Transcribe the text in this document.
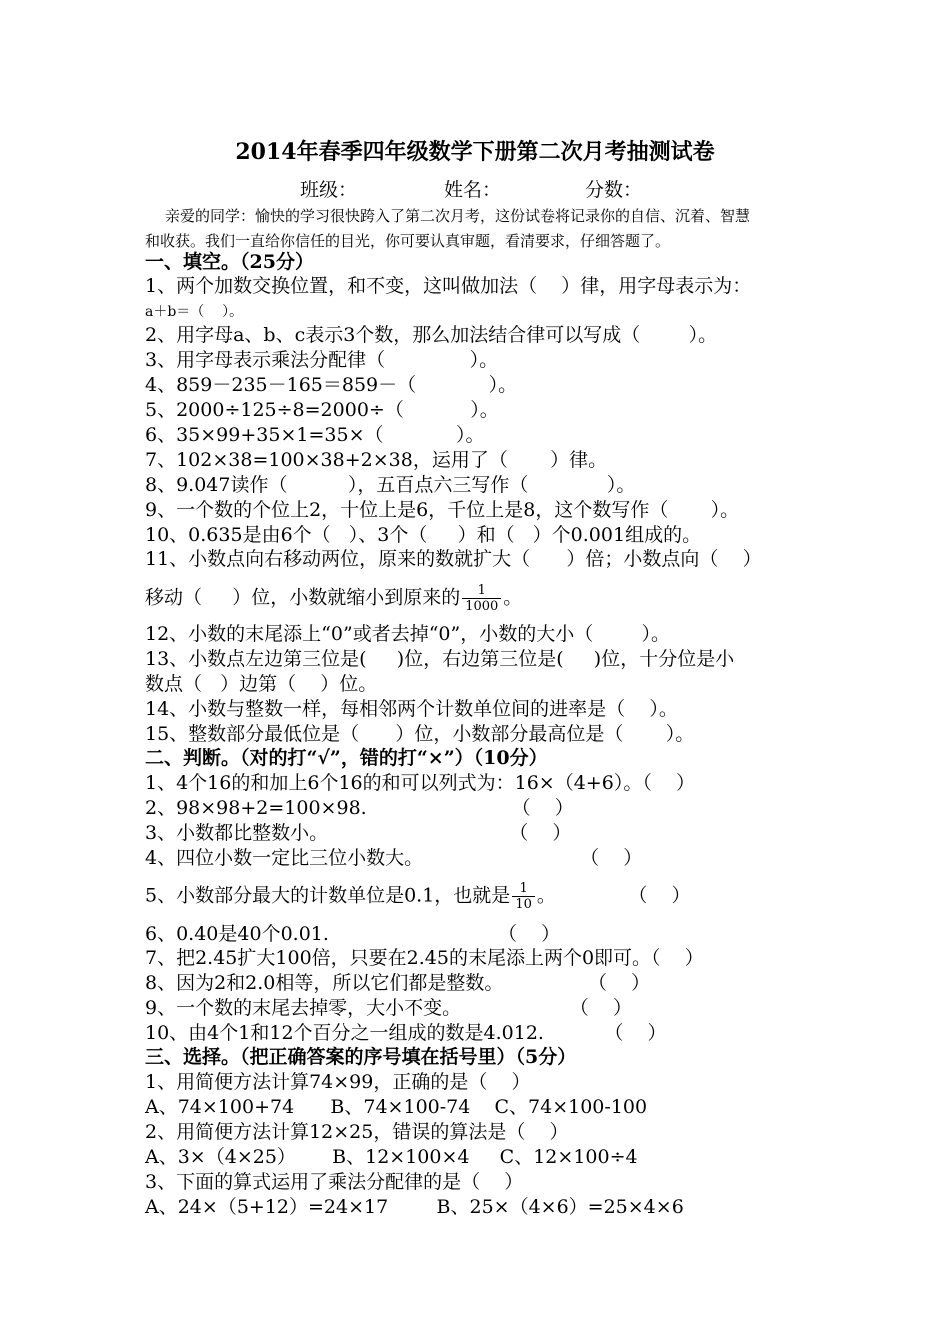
2014年春季四年级数学下册第二次月考抽测试卷
班级：	姓名：	分数：
亲爱的同学：愉快的学习很快跨入了第二次月考，这份试卷将记录你的自信、沉着、智慧
和收获。我们一直给你信任的目光，你可要认真审题，看清要求，仔细答题了。
一、填空。（25分）
1、两个加数交换位置，和不变，这叫做加法（    ）律，用字母表示为：
a＋b＝（    ）。
2、用字母a、b、c表示3个数，那么加法结合律可以写成（        ）。
3、用字母表示乘法分配律（              ）。
4、859－235－165＝859－（            ）。
5、2000÷125÷8=2000÷（           ）。
6、35×99+35×1=35×（            ）。
7、102×38=100×38+2×38，运用了（       ）律。
8、9.047读作（          ），五百点六三写作（             ）。
9、一个数的个位上2，十位上是6，千位上是8，这个数写作（       ）。
10、0.635是由6个（   ）、3个（     ）和（   ）个0.001组成的。
11、小数点向右移动两位，原来的数就扩大（      ）倍；小数点向（    ）
移动（     ）位，小数就缩小到原来的 $\frac{1}{1000}$ 。
12、小数的末尾添上“0”或者去掉“0”，小数的大小（        ）。
13、小数点左边第三位是(     )位，右边第三位是(     )位，十分位是小
数点（   ）边第（    ）位。
14、小数与整数一样，每相邻两个计数单位间的进率是（    ）。
15、整数部分最低位是（      ）位，小数部分最高位是（       ）。
二、判断。（对的打“√”，错的打“×”）（10分）
1、4个16的和加上6个16的和可以列式为：16×（4+6）。（    ）
2、98×98+2=100×98.                        （    ）
3、小数都比整数小。                              （    ）
4、四位小数一定比三位小数大。                          （    ）
5、小数部分最大的计数单位是0.1，也就是 $\frac{1}{10}$ 。            （    ）
6、0.40是40个0.01.                            （    ）
7、把2.45扩大100倍，只要在2.45的末尾添上两个0即可。（    ）
8、因为2和2.0相等，所以它们都是整数。              （    ）
9、一个数的末尾去掉零，大小不变。                  （    ）
10、由4个1和12个百分之一组成的数是4.012.          （    ）
三、选择。（把正确答案的序号填在括号里）（5分）
1、用简便方法计算74×99，正确的是（    ）
A、74×100+74      B、74×100-74    C、74×100-100
2、用简便方法计算12×25，错误的算法是（    ）
A、3×（4×25）      B、12×100×4     C、12×100÷4
3、下面的算式运用了乘法分配律的是（    ）
A、24×（5+12）=24×17        B、25×（4×6）=25×4×6
